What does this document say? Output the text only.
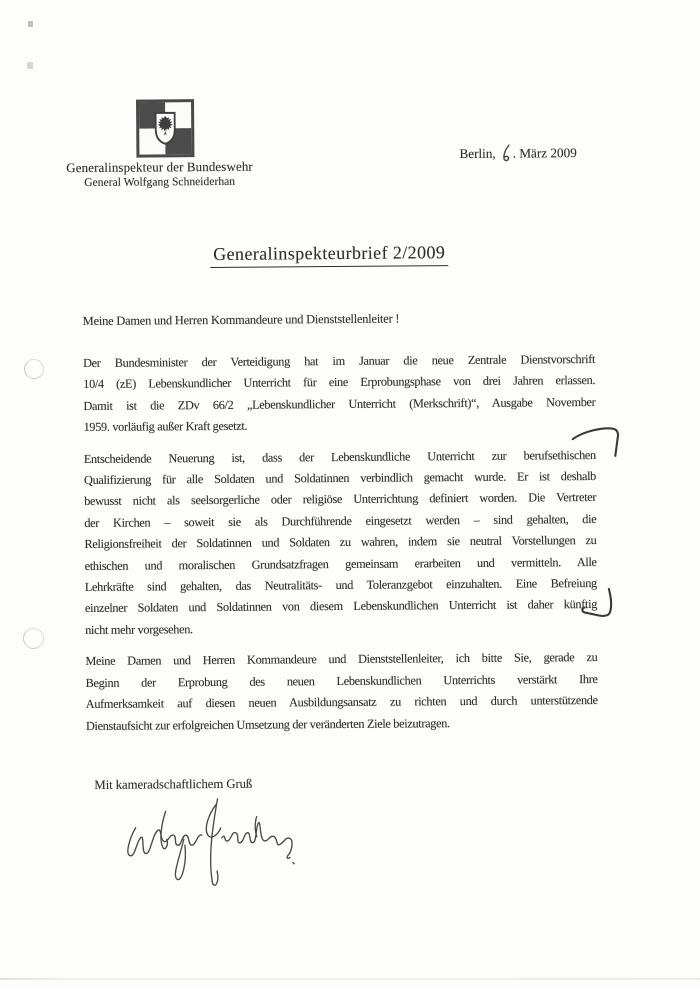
Generalinspekteur der Bundeswehr
General Wolfgang Schneiderhan
Berlin, . März 2009
Generalinspekteurbrief 2/2009
Meine Damen und Herren Kommandeure und Dienststellenleiter !
Der Bundesminister der Verteidigung hat im Januar die neue Zentrale Dienstvorschrift
10/4 (zE) Lebenskundlicher Unterricht für eine Erprobungsphase von drei Jahren erlassen.
Damit ist die ZDv 66/2 „Lebenskundlicher Unterricht (Merkschrift)“, Ausgabe November
1959. vorläufig außer Kraft gesetzt.
Entscheidende Neuerung ist, dass der Lebenskundliche Unterricht zur berufsethischen
Qualifizierung für alle Soldaten und Soldatinnen verbindlich gemacht wurde. Er ist deshalb
bewusst nicht als seelsorgerliche oder religiöse Unterrichtung definiert worden. Die Vertreter
der Kirchen – soweit sie als Durchführende eingesetzt werden – sind gehalten, die
Religionsfreiheit der Soldatinnen und Soldaten zu wahren, indem sie neutral Vorstellungen zu
ethischen und moralischen Grundsatzfragen gemeinsam erarbeiten und vermitteln. Alle
Lehrkräfte sind gehalten, das Neutralitäts- und Toleranzgebot einzuhalten. Eine Befreiung
einzelner Soldaten und Soldatinnen von diesem Lebenskundlichen Unterricht ist daher künftig
nicht mehr vorgesehen.
Meine Damen und Herren Kommandeure und Dienststellenleiter, ich bitte Sie, gerade zu
Beginn der Erprobung des neuen Lebenskundlichen Unterrichts verstärkt Ihre
Aufmerksamkeit auf diesen neuen Ausbildungsansatz zu richten und durch unterstützende
Dienstaufsicht zur erfolgreichen Umsetzung der veränderten Ziele beizutragen.
Mit kameradschaftlichem Gruß
